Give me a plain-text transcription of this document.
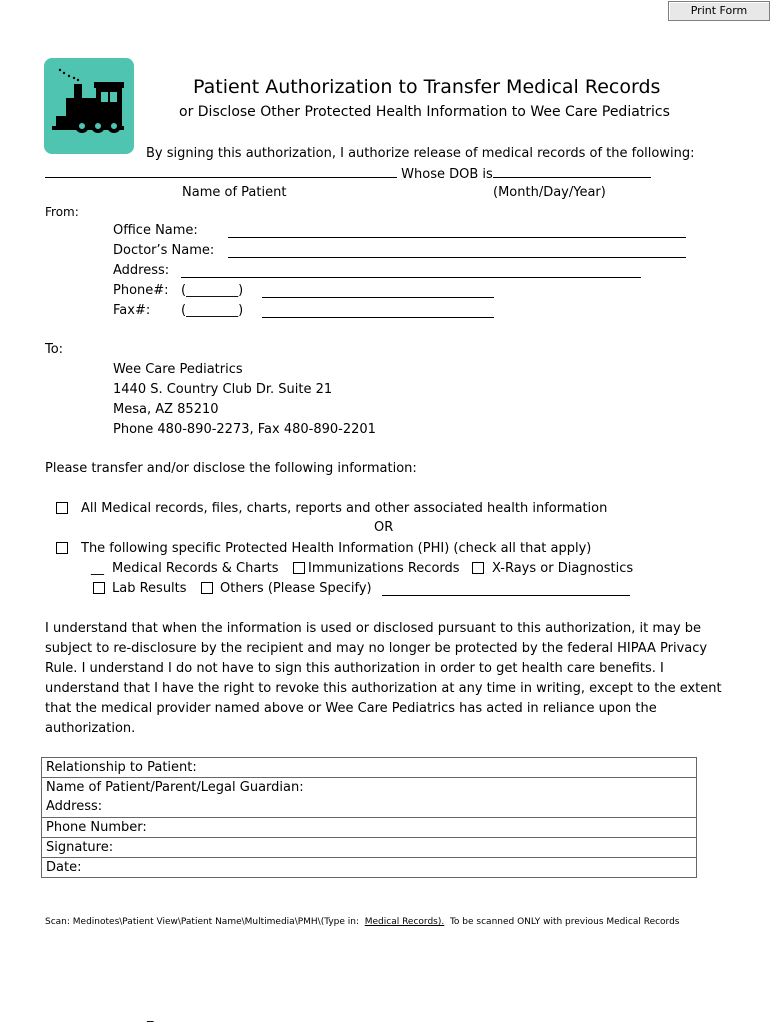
Print Form
Patient Authorization to Transfer Medical Records
or Disclose Other Protected Health Information to Wee Care Pediatrics
By signing this authorization, I authorize release of medical records of the following:
Whose DOB is
Name of Patient	(Month/Day/Year)
From:
Office Name:
Doctor’s Name:
Address:
Phone#: (________)
Fax#: (________)
To:
Wee Care Pediatrics
1440 S. Country Club Dr. Suite 21
Mesa, AZ 85210
Phone 480-890-2273, Fax 480-890-2201
Please transfer and/or disclose the following information:
All Medical records, files, charts, reports and other associated health information
OR
The following specific Protected Health Information (PHI) (check all that apply)
__ Medical Records & Charts Immunizations Records X-Rays or Diagnostics
Lab Results	Others (Please Specify)
I understand that when the information is used or disclosed pursuant to this authorization, it may be subject to re-disclosure by the recipient and may no longer be protected by the federal HIPAA Privacy Rule. I understand I do not have to sign this authorization in order to get health care benefits. I understand that I have the right to revoke this authorization at any time in writing, except to the extent that the medical provider named above or Wee Care Pediatrics has acted in reliance upon the authorization.
Relationship to Patient:
Name of Patient/Parent/Legal Guardian:
Address:
Phone Number:
Signature:
Date:
Scan: Medinotes\Patient View\Patient Name\Multimedia\PMH\(Type in: Medical Records). To be scanned ONLY with previous Medical Records
_
